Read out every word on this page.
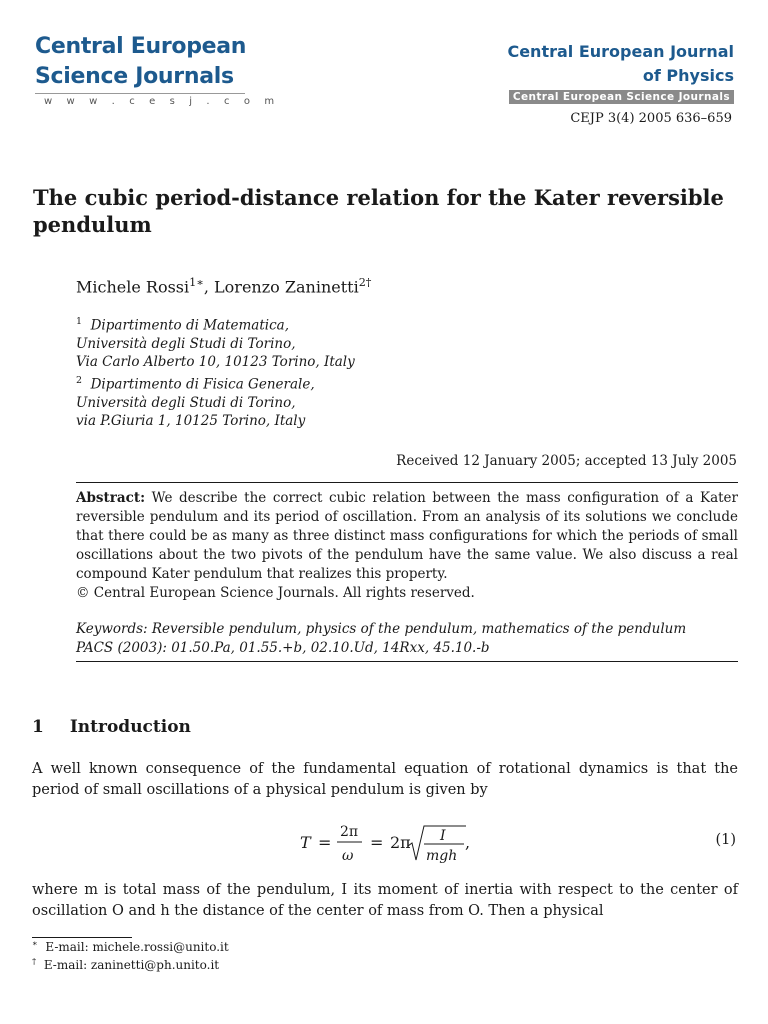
Central European
Science Journals
w w w . c e s j . c o m
Central European Journal
of Physics
Central European Science Journals
CEJP 3(4) 2005 636–659
The cubic period-distance relation for the Kater reversible pendulum
Michele Rossi$^{1∗}$, Lorenzo Zaninetti$^{2\dagger}$
$^1$ Dipartimento di Matematica,
Università degli Studi di Torino,
Via Carlo Alberto 10, 10123 Torino, Italy
$^2$ Dipartimento di Fisica Generale,
Università degli Studi di Torino,
via P.Giuria 1, 10125 Torino, Italy
Received 12 January 2005; accepted 13 July 2005
Abstract: We describe the correct cubic relation between the mass configuration of a Kater reversible pendulum and its period of oscillation. From an analysis of its solutions we conclude that there could be as many as three distinct mass configurations for which the periods of small oscillations about the two pivots of the pendulum have the same value. We also discuss a real compound Kater pendulum that realizes this property.
© Central European Science Journals. All rights reserved.
Keywords: Reversible pendulum, physics of the pendulum, mathematics of the pendulum
PACS (2003): 01.50.Pa, 01.55.+b, 02.10.Ud, 14Rxx, 45.10.-b
1 Introduction
A well known consequence of the fundamental equation of rotational dynamics is that the period of small oscillations of a physical pendulum is given by
T =
2π
ω
= 2π I
mgh
,	(1)
where m is total mass of the pendulum, I its moment of inertia with respect to the center of oscillation O and h the distance of the center of mass from O. Then a physical
∗ E-mail: michele.rossi@unito.it
† E-mail: zaninetti@ph.unito.it
